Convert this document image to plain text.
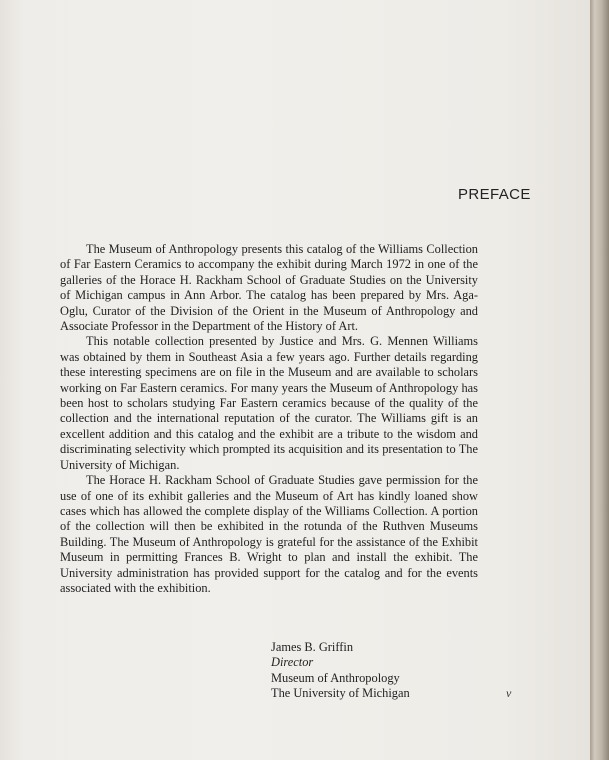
PREFACE

The Museum of Anthropology presents this catalog of the Williams Collection of Far Eastern Ceramics to accompany the exhibit during March 1972 in one of the galleries of the Horace H. Rackham School of Graduate Studies on the University of Michigan campus in Ann Arbor. The catalog has been prepared by Mrs. Aga-Oglu, Curator of the Division of the Orient in the Museum of Anthropology and Associate Professor in the Department of the History of Art.

This notable collection presented by Justice and Mrs. G. Mennen Williams was obtained by them in Southeast Asia a few years ago. Further details regarding these interesting specimens are on file in the Museum and are available to scholars working on Far Eastern ceramics. For many years the Museum of Anthropology has been host to scholars studying Far Eastern ceramics because of the quality of the collection and the international reputation of the curator. The Williams gift is an excellent addition and this catalog and the exhibit are a tribute to the wisdom and discriminating selectivity which prompted its acquisition and its presentation to The University of Michigan.

The Horace H. Rackham School of Graduate Studies gave permission for the use of one of its exhibit galleries and the Museum of Art has kindly loaned show cases which has allowed the complete display of the Williams Collection. A portion of the collection will then be exhibited in the rotunda of the Ruthven Museums Building. The Museum of Anthropology is grateful for the assistance of the Exhibit Museum in permitting Frances B. Wright to plan and install the exhibit. The University administration has provided support for the catalog and for the events associated with the exhibition.

James B. Griffin
Director
Museum of Anthropology
The University of Michigan	v
